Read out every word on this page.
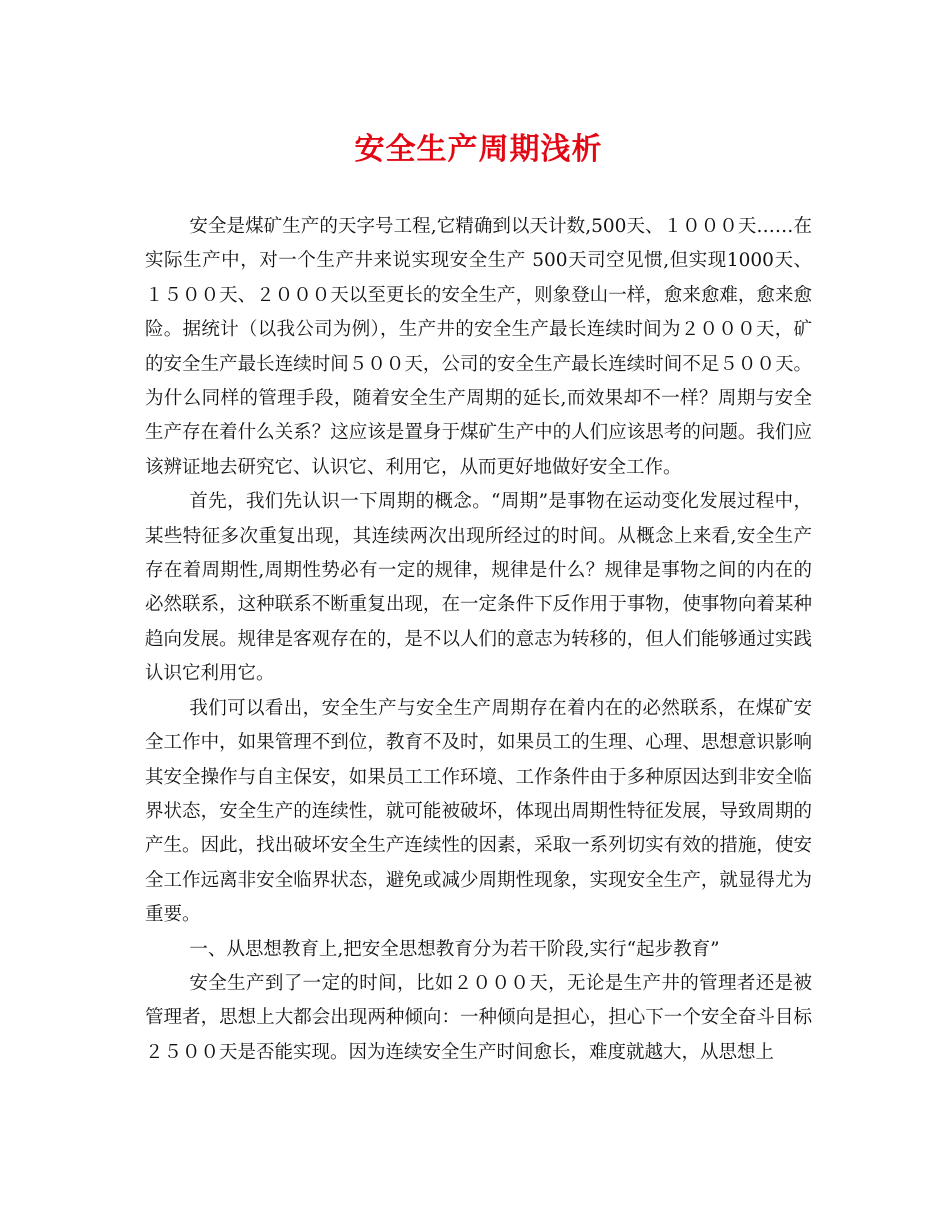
安全生产周期浅析

安全是煤矿生产的天字号工程,它精确到以天计数,500天、１０００天……在实际生产中，对一个生产井来说实现安全生产 500天司空见惯,但实现1000天、１５００天、２０００天以至更长的安全生产，则象登山一样，愈来愈难，愈来愈险。据统计（以我公司为例），生产井的安全生产最长连续时间为２０００天，矿的安全生产最长连续时间５００天，公司的安全生产最长连续时间不足５００天。为什么同样的管理手段，随着安全生产周期的延长,而效果却不一样？周期与安全生产存在着什么关系？这应该是置身于煤矿生产中的人们应该思考的问题。我们应该辨证地去研究它、认识它、利用它，从而更好地做好安全工作。

首先，我们先认识一下周期的概念。“周期”是事物在运动变化发展过程中，某些特征多次重复出现，其连续两次出现所经过的时间。从概念上来看,安全生产存在着周期性,周期性势必有一定的规律，规律是什么？规律是事物之间的内在的必然联系，这种联系不断重复出现，在一定条件下反作用于事物，使事物向着某种趋向发展。规律是客观存在的，是不以人们的意志为转移的，但人们能够通过实践认识它利用它。

我们可以看出，安全生产与安全生产周期存在着内在的必然联系，在煤矿安全工作中，如果管理不到位，教育不及时，如果员工的生理、心理、思想意识影响其安全操作与自主保安，如果员工工作环境、工作条件由于多种原因达到非安全临界状态，安全生产的连续性，就可能被破坏，体现出周期性特征发展，导致周期的产生。因此，找出破坏安全生产连续性的因素，采取一系列切实有效的措施，使安全工作远离非安全临界状态，避免或减少周期性现象，实现安全生产，就显得尤为重要。

一、从思想教育上,把安全思想教育分为若干阶段,实行“起步教育”

安全生产到了一定的时间，比如２０００天，无论是生产井的管理者还是被管理者，思想上大都会出现两种倾向：一种倾向是担心，担心下一个安全奋斗目标２５００天是否能实现。因为连续安全生产时间愈长，难度就越大，从思想上
